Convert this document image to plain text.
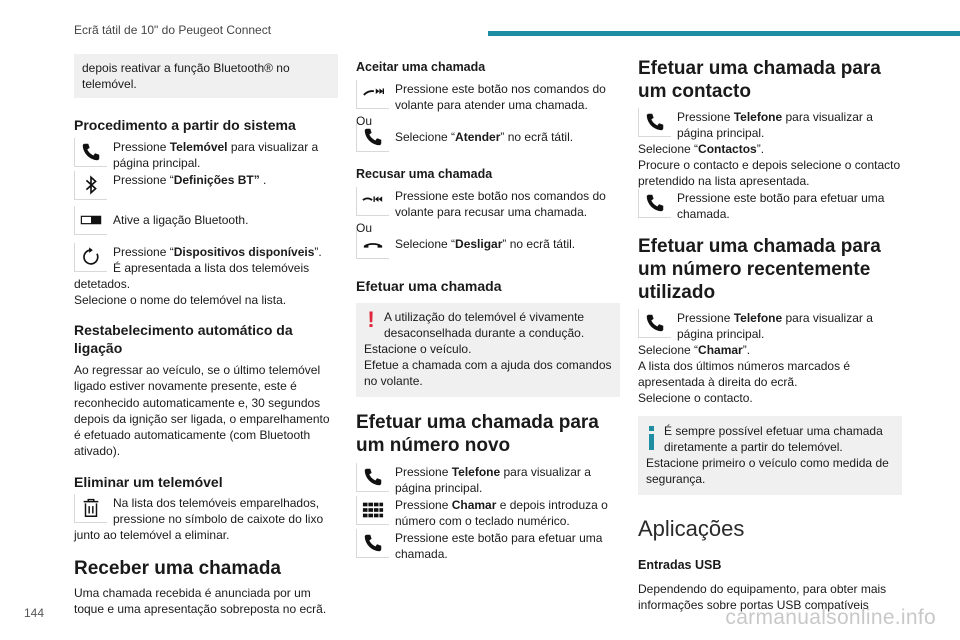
Ecrã tátil de 10" do Peugeot Connect

depois reativar a função Bluetooth® no telemóvel.

Procedimento a partir do sistema

Pressione Telemóvel para visualizar a página principal.
Pressione “Definições BT” .
Ative a ligação Bluetooth.
Pressione “Dispositivos disponíveis”.
É apresentada a lista dos telemóveis

detetados.

Selecione o nome do telemóvel na lista.

Restabelecimento automático da ligação

Ao regressar ao veículo, se o último telemóvel ligado estiver novamente presente, este é reconhecido automaticamente e, 30 segundos depois da ignição ser ligada, o emparelhamento é efetuado automaticamente (com Bluetooth ativado).

Eliminar um telemóvel

Na lista dos telemóveis emparelhados, pressione no símbolo de caixote do lixo

junto ao telemóvel a eliminar.

Receber uma chamada

Uma chamada recebida é anunciada por um toque e uma apresentação sobreposta no ecrã.

Aceitar uma chamada

Pressione este botão nos comandos do volante para atender uma chamada.

Ou

Selecione “Atender” no ecrã tátil.

Recusar uma chamada

Pressione este botão nos comandos do volante para recusar uma chamada.

Ou

Selecione “Desligar” no ecrã tátil.

Efetuar uma chamada

! A utilização do telemóvel é vivamente desaconselhada durante a condução.

Estacione o veículo.

Efetue a chamada com a ajuda dos comandos no volante.

Efetuar uma chamada para um número novo

Pressione Telefone para visualizar a página principal.
Pressione Chamar e depois introduza o número com o teclado numérico.
Pressione este botão para efetuar uma chamada.

Efetuar uma chamada para um contacto

Pressione Telefone para visualizar a página principal.

Selecione “Contactos”.

Procure o contacto e depois selecione o contacto pretendido na lista apresentada.

Pressione este botão para efetuar uma chamada.

Efetuar uma chamada para um número recentemente utilizado

Pressione Telefone para visualizar a página principal.

Selecione “Chamar”.

A lista dos últimos números marcados é apresentada à direita do ecrã.

Selecione o contacto.

É sempre possível efetuar uma chamada diretamente a partir do telemóvel.

Estacione primeiro o veículo como medida de segurança.

Aplicações

Entradas USB

Dependendo do equipamento, para obter mais informações sobre portas USB compatíveis

144	carmanualsonline.info
